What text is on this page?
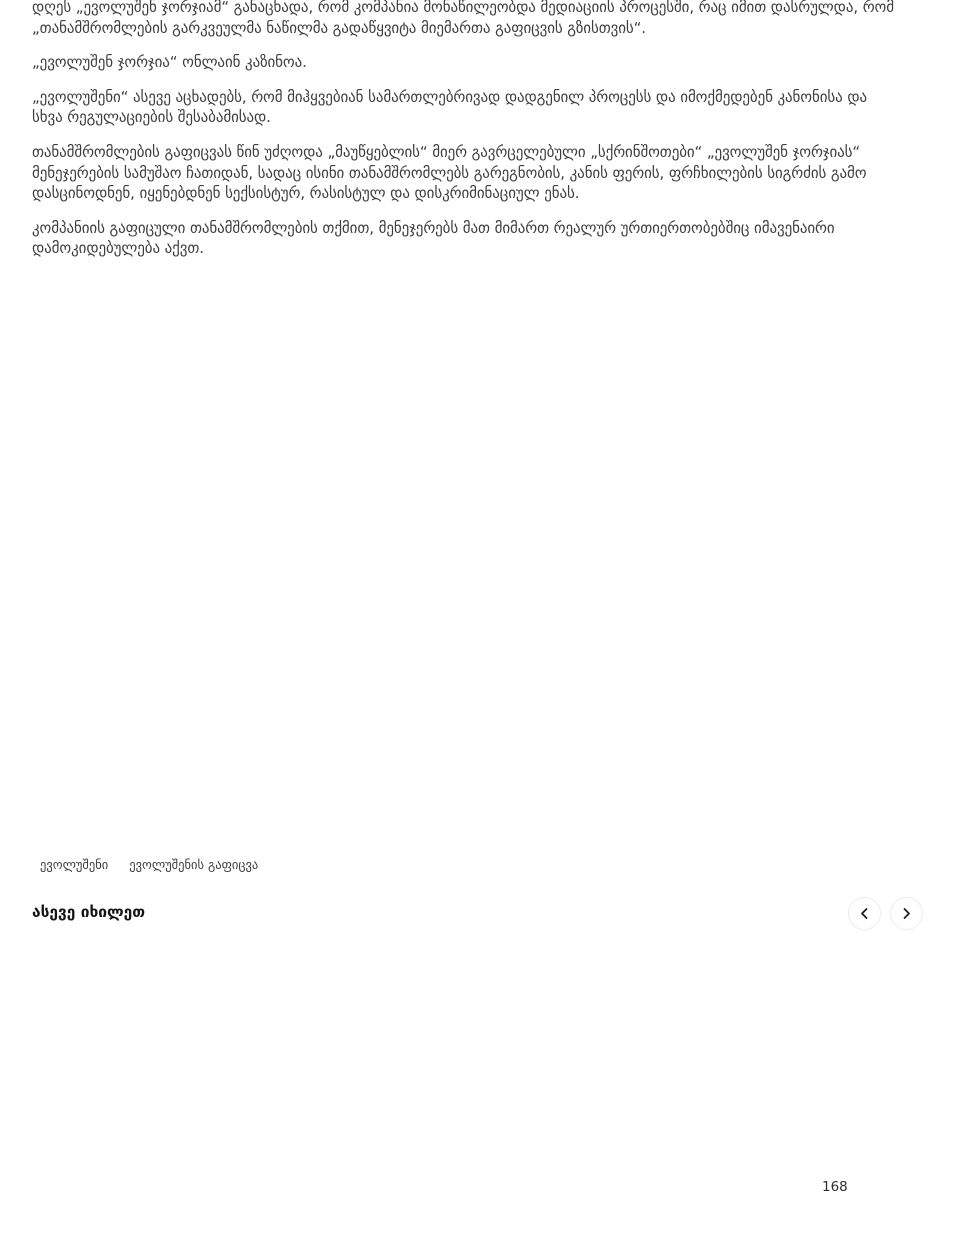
დღეს „ევოლუშენ ჯორჯიამ“ განაცხადა, რომ კომპანია მონაწილეობდა მედიაციის პროცესში, რაც იმით დასრულდა, რომ „თანამშრომლების გარკვეულმა ნაწილმა გადაწყვიტა მიემართა გაფიცვის გზისთვის“.

„ევოლუშენ ჯორჯია“ ონლაინ კაზინოა.

„ევოლუშენი“ ასევე აცხადებს, რომ მიჰყვებიან სამართლებრივად დადგენილ პროცესს და იმოქმედებენ კანონისა და სხვა რეგულაციების შესაბამისად.

თანამშრომლების გაფიცვას წინ უძღოდა „მაუწყებლის“ მიერ გავრცელებული „სქრინშოთები“ „ევოლუშენ ჯორჯიას“ მენეჯერების სამუშაო ჩათიდან, სადაც ისინი თანამშრომლებს გარეგნობის, კანის ფერის, ფრჩხილების სიგრძის გამო დასცინოდნენ, იყენებდნენ სექსისტურ, რასისტულ და დისკრიმინაციულ ენას.

კომპანიის გაფიცული თანამშრომლების თქმით, მენეჯერებს მათ მიმართ რეალურ ურთიერთობებშიც იმავენაირი დამოკიდებულება აქვთ.

ევოლუშენი ევოლუშენის გაფიცვა
ასევე იხილეთ
168
